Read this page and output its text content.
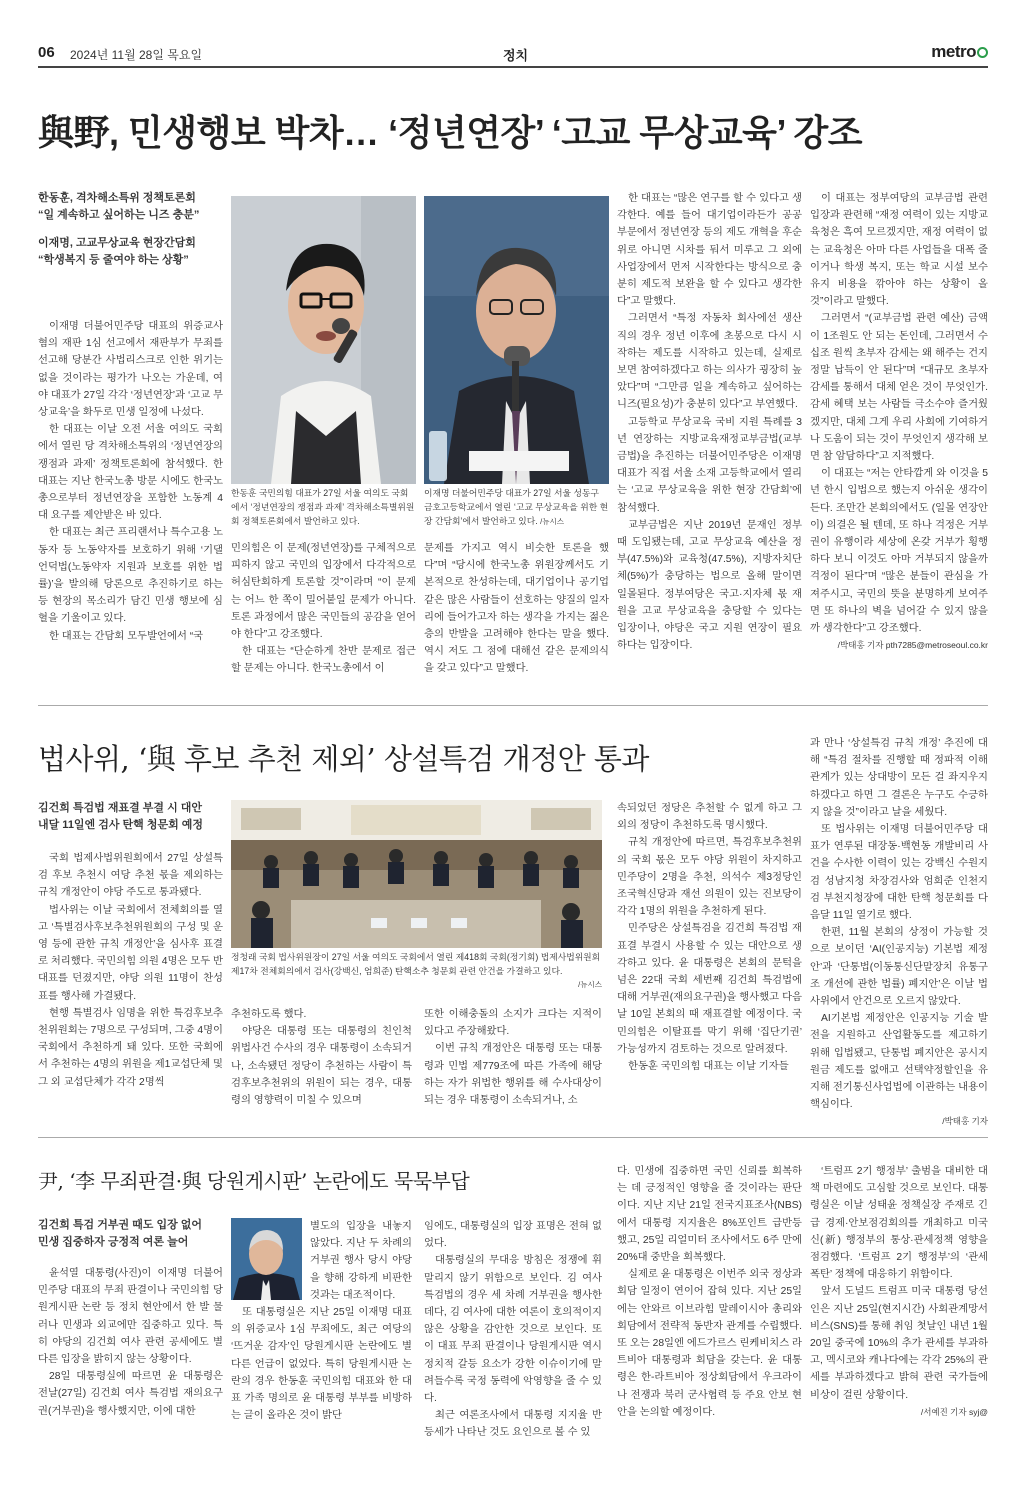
06 2024년 11월 28일 목요일	정치	metro
與野, 민생행보 박차… ‘정년연장’ ‘고교 무상교육’ 강조
한동훈, 격차해소특위 정책토론회
“일 계속하고 싶어하는 니즈 충분”
이재명, 고교무상교육 현장간담회
“학생복지 등 줄여야 하는 상황”
이재명 더불어민주당 대표의 위증교사 혐의 재판 1심 선고에서 재판부가 무죄를 선고해 당분간 사법리스크로 인한 위기는 없을 것이라는 평가가 나오는 가운데, 여야 대표가 27일 각각 ‘정년연장’과 ‘고교 무상교육’을 화두로 민생 일정에 나섰다.
한 대표는 이날 오전 서울 여의도 국회에서 열린 당 격차해소특위의 ‘정년연장의 쟁점과 과제’ 정책토론회에 참석했다. 한 대표는 지난 한국노총 방문 시에도 한국노총으로부터 정년연장을 포함한 노동계 4대 요구를 제안받은 바 있다.
한 대표는 최근 프리랜서나 특수고용 노동자 등 노동약자를 보호하기 위해 ‘기댈언덕법(노동약자 지원과 보호를 위한 법률)’을 발의해 당론으로 추진하기로 하는 등 현장의 목소리가 담긴 민생 행보에 심혈을 기울이고 있다.
한 대표는 간담회 모두발언에서 “국
한동훈 국민의힘 대표가 27일 서울 여의도 국회에서 ‘정년연장의 쟁점과 과제’ 격차해소특별위원회 정책토론회에서 발언하고 있다.
이재명 더불어민주당 대표가 27일 서울 성동구 금호고등학교에서 열린 ‘고교 무상교육을 위한 현장 간담회’에서 발언하고 있다. /뉴시스
민의힘은 이 문제(정년연장)를 구체적으로 피하지 않고 국민의 입장에서 다각적으로 허심탄회하게 토론할 것”이라며 “이 문제는 어느 한 쪽이 밀어붙일 문제가 아니다. 토론 과정에서 많은 국민들의 공감을 얻어야 한다”고 강조했다.
한 대표는 “단순하게 찬반 문제로 접근할 문제는 아니다. 한국노총에서 이
문제를 가지고 역시 비슷한 토론을 했다”며 “당시에 한국노총 위원장께서도 기본적으로 찬성하는데, 대기업이나 공기업 같은 많은 사람들이 선호하는 양질의 일자리에 들어가고자 하는 생각을 가지는 젊은 층의 반발을 고려해야 한다는 말을 했다. 역시 저도 그 점에 대해선 같은 문제의식을 갖고 있다”고 말했다.
한 대표는 “많은 연구를 할 수 있다고 생각한다. 예를 들어 대기업이라든가 공공 부문에서 정년연장 등의 제도 개혁을 후순위로 아니면 시차를 둬서 미루고 그 외에 사업장에서 먼저 시작한다는 방식으로 충분히 제도적 보완을 할 수 있다고 생각한다”고 말했다.
그러면서 “특정 자동차 회사에선 생산직의 경우 정년 이후에 초봉으로 다시 시작하는 제도를 시작하고 있는데, 실제로 보면 참여하겠다고 하는 의사가 굉장히 높았다”며 “그만큼 일을 계속하고 싶어하는 니즈(필요성)가 충분히 있다”고 부연했다.
고등학교 무상교육 국비 지원 특례를 3년 연장하는 지방교육재정교부금법(교부금법)을 추진하는 더불어민주당은 이재명 대표가 직접 서울 소재 고등학교에서 열리는 ‘고교 무상교육을 위한 현장 간담회’에 참석했다.
교부금법은 지난 2019년 문재인 정부 때 도입됐는데, 고교 무상교육 예산을 정부(47.5%)와 교육청(47.5%), 지방자치단체(5%)가 충당하는 법으로 올해 말이면 일몰된다. 정부여당은 국고·지자체 몫 재원을 고교 무상교육을 충당할 수 있다는 입장이나, 야당은 국고 지원 연장이 필요하다는 입장이다.
이 대표는 정부여당의 교부금법 관련 입장과 관련해 “재정 여력이 있는 지방교육청은 흑여 모르겠지만, 재정 여력이 없는 교육청은 아마 다른 사업들을 대폭 줄이거나 학생 복지, 또는 학교 시설 보수유지 비용을 깎아야 하는 상황이 올 것”이라고 말했다.
그러면서 “(교부금법 관련 예산) 금액이 1조원도 안 되는 돈인데, 그러면서 수십조 원씩 초부자 감세는 왜 해주는 건지 정말 납득이 안 된다”며 “대규모 초부자 감세를 통해서 대체 얻은 것이 무엇인가. 감세 혜택 보는 사람들 극소수야 즐거웠겠지만, 대체 그게 우리 사회에 기여하거나 도움이 되는 것이 무엇인지 생각해 보면 참 암담하다”고 지적했다.
이 대표는 “저는 안타깝게 와 이것을 5년 한시 입법으로 했는지 아쉬운 생각이 든다. 조만간 본회의에서도 (일몰 연장안이) 의결은 될 텐데, 또 하나 걱정은 거부권이 유행이라 세상에 온갖 거부가 횡행하다 보니 이것도 아마 거부되지 않을까 걱정이 된다”며 “많은 분들이 관심을 가져주시고, 국민의 뜻을 분명하게 보여주면 또 하나의 벽을 넘어갈 수 있지 않을까 생각한다”고 강조했다.
/박태홍 기자 pth7285@metroseoul.co.kr
법사위, ‘與 후보 추천 제외’ 상설특검 개정안 통과
김건희 특검법 재표결 부결 시 대안
내달 11일엔 검사 탄핵 청문회 예정
국회 법제사법위원회에서 27일 상설특검 후보 추천시 여당 추천 몫을 제외하는 규칙 개정안이 야당 주도로 통과됐다.
법사위는 이날 국회에서 전체회의를 열고 ‘특별검사후보추천위원회의 구성 및 운영 등에 관한 규칙 개정안’을 심사후 표결로 처리했다. 국민의힘 의원 4명은 모두 반대표를 던졌지만, 야당 의원 11명이 찬성표를 행사해 가결됐다.
현행 특별검사 임명을 위한 특검후보추천위원회는 7명으로 구성되며, 그중 4명이 국회에서 추천하게 돼 있다. 또한 국회에서 추천하는 4명의 위원을 제1교섭단체 및 그 외 교섭단체가 각각 2명씩
정청래 국회 법사위원장이 27일 서울 여의도 국회에서 열린 제418회 국회(정기회) 법제사법위원회 제17차 전체회의에서 검사(강백신, 엄희준) 탄핵소추 청문회 관련 안건을 가결하고 있다.
/뉴시스
추천하도록 했다.
야당은 대통령 또는 대통령의 친인척 위법사건 수사의 경우 대통령이 소속되거나, 소속됐던 정당이 추천하는 사람이 특검후보추천위의 위원이 되는 경우, 대통령의 영향력이 미칠 수 있으며
또한 이해충돌의 소지가 크다는 지적이 있다고 주장해왔다.
이번 규칙 개정안은 대통령 또는 대통령과 민법 제779조에 따른 가족에 해당하는 자가 위법한 행위를 해 수사대상이 되는 경우 대통령이 소속되거나, 소
속되었던 정당은 추천할 수 없게 하고 그 외의 정당이 추천하도록 명시했다.
규칙 개정안에 따르면, 특검후보추천위의 국회 몫은 모두 야당 위원이 차지하고 민주당이 2명을 추천, 의석수 제3정당인 조국혁신당과 재선 의원이 있는 진보당이 각각 1명의 위원을 추천하게 된다.
민주당은 상설특검을 김건희 특검법 재표결 부결시 사용할 수 있는 대안으로 생각하고 있다. 윤 대통령은 본회의 문턱을 넘은 22대 국회 세번째 김건희 특검법에 대해 거부권(재의요구권)을 행사했고 다음날 10일 본회의 때 재표결할 예정이다. 국민의힘은 이탈표를 막기 위해 ‘집단기권’ 가능성까지 검토하는 것으로 알려졌다.
한동훈 국민의힘 대표는 이날 기자들
과 만나 ‘상설특검 규칙 개정’ 추진에 대해 “특검 절차를 진행할 때 정파적 이해관계가 있는 상대방이 모든 걸 좌지우지하겠다고 하면 그 결론은 누구도 수긍하지 않을 것”이라고 날을 세웠다.
또 법사위는 이재명 더불어민주당 대표가 연루된 대장동·백현동 개발비리 사건을 수사한 이력이 있는 강백신 수원지검 성남지청 차장검사와 엄희준 인천지검 부천지청장에 대한 탄핵 청문회를 다음달 11일 열기로 했다.
한편, 11월 본회의 상정이 가능할 것으로 보이던 ‘AI(인공지능) 기본법 제정안’과 ‘단통법(이동통신단말장치 유통구조 개선에 관한 법률) 폐지안’은 이날 법사위에서 안건으로 오르지 않았다.
AI기본법 제정안은 인공지능 기술 발전을 지원하고 산업활동도를 제고하기 위해 입법됐고, 단통법 폐지안은 공시지원금 제도를 없애고 선택약정할인을 유지해 전기통신사업법에 이관하는 내용이 핵심이다.
/박태홍 기자
尹, ‘李 무죄판결·與 당원게시판’ 논란에도 묵묵부답
김건희 특검 거부권 때도 입장 없어
민생 집중하자 긍정적 여론 늘어
윤석열 대통령(사진)이 이재명 더불어민주당 대표의 무죄 판결이나 국민의힘 당원게시판 논란 등 정치 현안에서 한 발 물러나 민생과 외교에만 집중하고 있다. 특히 야당의 김건희 여사 관련 공세에도 별다른 입장을 밝히지 않는 상황이다.
28일 대통령실에 따르면 윤 대통령은 전날(27일) 김건희 여사 특검법 재의요구권(거부권)을 행사했지만, 이에 대한
별도의 입장을 내놓지 않았다. 지난 두 차례의 거부권 행사 당시 야당을 향해 강하게 비판한 것과는 대조적이다.
또 대통령실은 지난 25일 이재명 대표의 위증교사 1심 무죄에도, 최근 여당의 ‘뜨거운 감자’인 당원게시판 논란에도 별 다른 언급이 없었다. 특히 당원게시판 논란의 경우 한동훈 국민의힘 대표와 한 대표 가족 명의로 윤 대통령 부부를 비방하는 글이 올라온 것이 밝단
임에도, 대통령실의 입장 표명은 전혀 없었다.
대통령실의 무대응 방침은 정쟁에 휘말리지 않기 위함으로 보인다. 김 여사 특검법의 경우 세 차례 거부권을 행사한 데다, 김 여사에 대한 여론이 호의적이지 않은 상황을 감안한 것으로 보인다. 또 이 대표 무죄 판결이나 당원게시판 역시 정치적 갈등 요소가 강한 이슈이기에 말려들수록 국정 동력에 악영향을 줄 수 있다.
최근 여론조사에서 대통령 지지율 반등세가 나타난 것도 요인으로 볼 수 있
다. 민생에 집중하면 국민 신뢰를 회복하는 데 긍정적인 영향을 줄 것이라는 판단이다. 지난 지난 21일 전국지표조사(NBS)에서 대통령 지지율은 8%포인트 급반등했고, 25일 리얼미터 조사에서도 6주 만에 20%대 중반을 회복했다.
실제로 윤 대통령은 이번주 외국 정상과 회담 일정이 연이어 잡혀 있다. 지난 25일에는 안와르 이브라힘 말레이시아 총리와 회담에서 전략적 동반자 관계를 수립했다. 또 오는 28일엔 에드가르스 린케비치스 라트비아 대통령과 회담을 갖는다. 윤 대통령은 한-라트비아 정상회담에서 우크라이나 전쟁과 북러 군사협력 등 주요 안보 현안을 논의할 예정이다.
‘트럼프 2기 행정부’ 출범을 대비한 대책 마련에도 고심할 것으로 보인다. 대통령실은 이날 성태윤 정책실장 주재로 긴급 경제·안보점검회의를 개최하고 미국 신(新) 행정부의 통상·관세정책 영향을 점검했다. ‘트럼프 2기 행정부’의 ‘관세 폭탄’ 정책에 대응하기 위함이다.
앞서 도널드 트럼프 미국 대통령 당선인은 지난 25일(현지시간) 사회관계망서비스(SNS)를 통해 취임 첫날인 내년 1월20일 중국에 10%의 추가 관세를 부과하고, 멕시코와 캐나다에는 각각 25%의 관세를 부과하겠다고 밝혀 관련 국가들에 비상이 걸린 상황이다.
/서예진 기자 syj@
